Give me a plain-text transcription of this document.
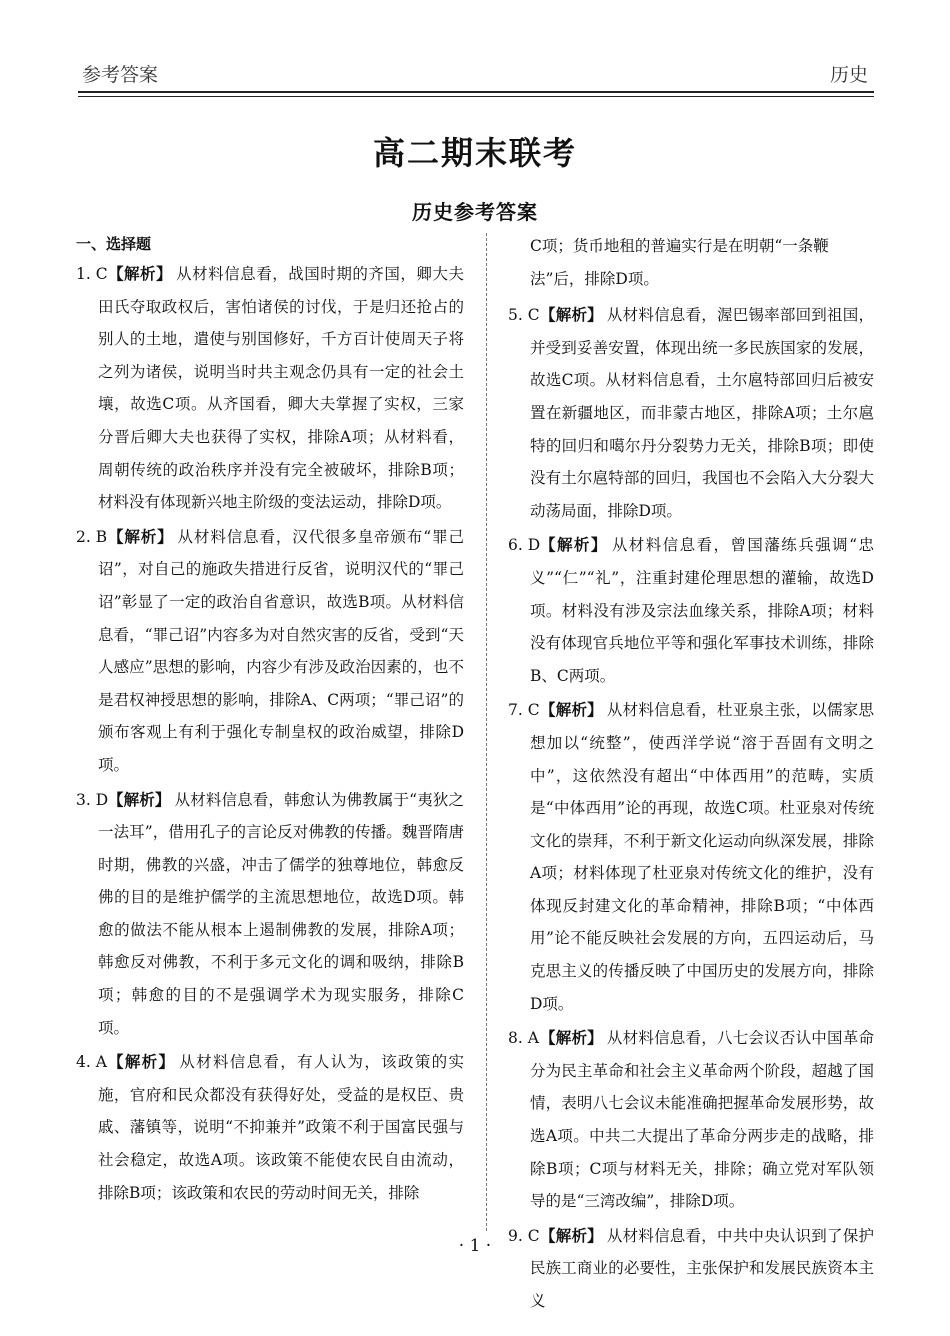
参考答案	历史
高二期末联考
历史参考答案
一、选择题
1. C 【解析】 从材料信息看，战国时期的齐国，卿大夫田氏夺取政权后，害怕诸侯的讨伐，于是归还抢占的别人的土地，遣使与别国修好，千方百计使周天子将之列为诸侯，说明当时共主观念仍具有一定的社会土壤，故选C项。从齐国看，卿大夫掌握了实权，三家分晋后卿大夫也获得了实权，排除A项；从材料看，周朝传统的政治秩序并没有完全被破坏，排除B项；材料没有体现新兴地主阶级的变法运动，排除D项。
2. B 【解析】 从材料信息看，汉代很多皇帝颁布“罪己诏”，对自己的施政失措进行反省，说明汉代的“罪己诏”彰显了一定的政治自省意识，故选B项。从材料信息看，“罪己诏”内容多为对自然灾害的反省，受到“天人感应”思想的影响，内容少有涉及政治因素的，也不是君权神授思想的影响，排除A、C两项；“罪己诏”的颁布客观上有利于强化专制皇权的政治威望，排除D项。
3. D 【解析】 从材料信息看，韩愈认为佛教属于“夷狄之一法耳”，借用孔子的言论反对佛教的传播。魏晋隋唐时期，佛教的兴盛，冲击了儒学的独尊地位，韩愈反佛的目的是维护儒学的主流思想地位，故选D项。韩愈的做法不能从根本上遏制佛教的发展，排除A项；韩愈反对佛教，不利于多元文化的调和吸纳，排除B项；韩愈的目的不是强调学术为现实服务，排除C项。
4. A 【解析】 从材料信息看，有人认为，该政策的实施，官府和民众都没有获得好处，受益的是权臣、贵戚、藩镇等，说明“不抑兼并”政策不利于国富民强与社会稳定，故选A项。该政策不能使农民自由流动，排除B项；该政策和农民的劳动时间无关，排除
C项；货币地租的普遍实行是在明朝“一条鞭法”后，排除D项。
5. C 【解析】 从材料信息看，渥巴锡率部回到祖国，并受到妥善安置，体现出统一多民族国家的发展，故选C项。从材料信息看，土尔扈特部回归后被安置在新疆地区，而非蒙古地区，排除A项；土尔扈特的回归和噶尔丹分裂势力无关，排除B项；即使没有土尔扈特部的回归，我国也不会陷入大分裂大动荡局面，排除D项。
6. D 【解析】 从材料信息看，曾国藩练兵强调“忠义”“仁”“礼”，注重封建伦理思想的灌输，故选D项。材料没有涉及宗法血缘关系，排除A项；材料没有体现官兵地位平等和强化军事技术训练，排除B、C两项。
7. C 【解析】 从材料信息看，杜亚泉主张，以儒家思想加以“统整”，使西洋学说“溶于吾固有文明之中”，这依然没有超出“中体西用”的范畴，实质是“中体西用”论的再现，故选C项。杜亚泉对传统文化的崇拜，不利于新文化运动向纵深发展，排除A项；材料体现了杜亚泉对传统文化的维护，没有体现反封建文化的革命精神，排除B项；“中体西用”论不能反映社会发展的方向，五四运动后，马克思主义的传播反映了中国历史的发展方向，排除D项。
8. A 【解析】 从材料信息看，八七会议否认中国革命分为民主革命和社会主义革命两个阶段，超越了国情，表明八七会议未能准确把握革命发展形势，故选A项。中共二大提出了革命分两步走的战略，排除B项；C项与材料无关，排除；确立党对军队领导的是“三湾改编”，排除D项。
9. C 【解析】 从材料信息看，中共中央认识到了保护民族工商业的必要性，主张保护和发展民族资本主义
· 1 ·
